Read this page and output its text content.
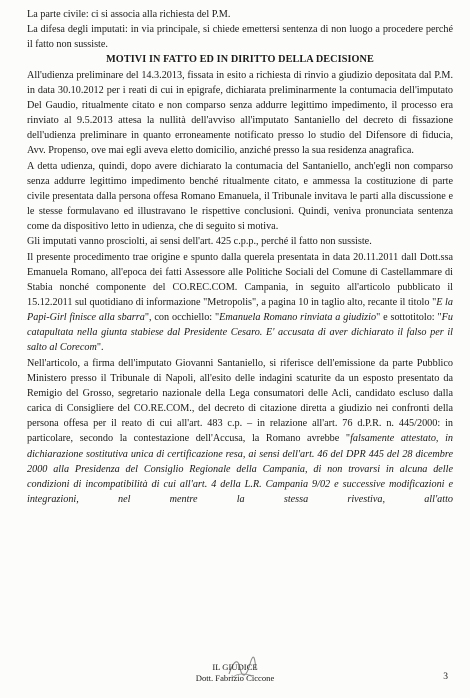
La parte civile: ci si associa alla richiesta del P.M.

La difesa degli imputati: in via principale, si chiede emettersi sentenza di non luogo a procedere perché il fatto non sussiste.

MOTIVI IN FATTO ED IN DIRITTO DELLA DECISIONE

All'udienza preliminare del 14.3.2013, fissata in esito a richiesta di rinvio a giudizio depositata dal P.M. in data 30.10.2012 per i reati di cui in epigrafe, dichiarata preliminarmente la contumacia dell'imputato Del Gaudio, ritualmente citato e non comparso senza addurre legittimo impedimento, il processo era rinviato al 9.5.2013 attesa la nullità dell'avviso all'imputato Santaniello del decreto di fissazione dell'udienza preliminare in quanto erroneamente notificato presso lo studio del Difensore di fiducia, Avv. Propenso, ove mai egli aveva eletto domicilio, anziché presso la sua residenza anagrafica.

A detta udienza, quindi, dopo avere dichiarato la contumacia del Santaniello, anch'egli non comparso senza addurre legittimo impedimento benché ritualmente citato, e ammessa la costituzione di parte civile presentata dalla persona offesa Romano Emanuela, il Tribunale invitava le parti alla discussione e le stesse formulavano ed illustravano le rispettive conclusioni. Quindi, veniva pronunciata sentenza come da dispositivo letto in udienza, che di seguito si motiva.

Gli imputati vanno prosciolti, ai sensi dell'art. 425 c.p.p., perché il fatto non sussiste.

Il presente procedimento trae origine e spunto dalla querela presentata in data 20.11.2011 dall Dott.ssa Emanuela Romano, all'epoca dei fatti Assessore alle Politiche Sociali del Comune di Castellammare di Stabia nonché componente del CO.REC.COM. Campania, in seguito all'articolo pubblicato il 15.12.2011 sul quotidiano di informazione "Metropolis", a pagina 10 in taglio alto, recante il titolo "E la Papi-Girl finisce alla sbarra", con occhiello: "Emanuela Romano rinviata a giudizio" e sottotitolo: "Fu catapultata nella giunta stabiese dal Presidente Cesaro. E' accusata di aver dichiarato il falso per il salto al Corecom".

Nell'articolo, a firma dell'imputato Giovanni Santaniello, si riferisce dell'emissione da parte Pubblico Ministero presso il Tribunale di Napoli, all'esito delle indagini scaturite da un esposto presentato da Remigio del Grosso, segretario nazionale della Lega consumatori delle Acli, candidato escluso dalla carica di Consigliere del CO.RE.COM., del decreto di citazione diretta a giudizio nei confronti della persona offesa per il reato di cui all'art. 483 c.p. – in relazione all'art. 76 d.P.R. n. 445/2000: in particolare, secondo la contestazione dell'Accusa, la Romano avrebbe "falsamente attestato, in dichiarazione sostitutiva unica di certificazione resa, ai sensi dell'art. 46 del DPR 445 del 28 dicembre 2000 alla Presidenza del Consiglio Regionale della Campania, di non trovarsi in alcuna delle condizioni di incompatibilità di cui all'art. 4 della L.R. Campania 9/02 e successive modificazioni e integrazioni, nel mentre la stessa rivestiva, all'atto

IL GIUDICE
Dott. Fabrizio Ciccone	3
